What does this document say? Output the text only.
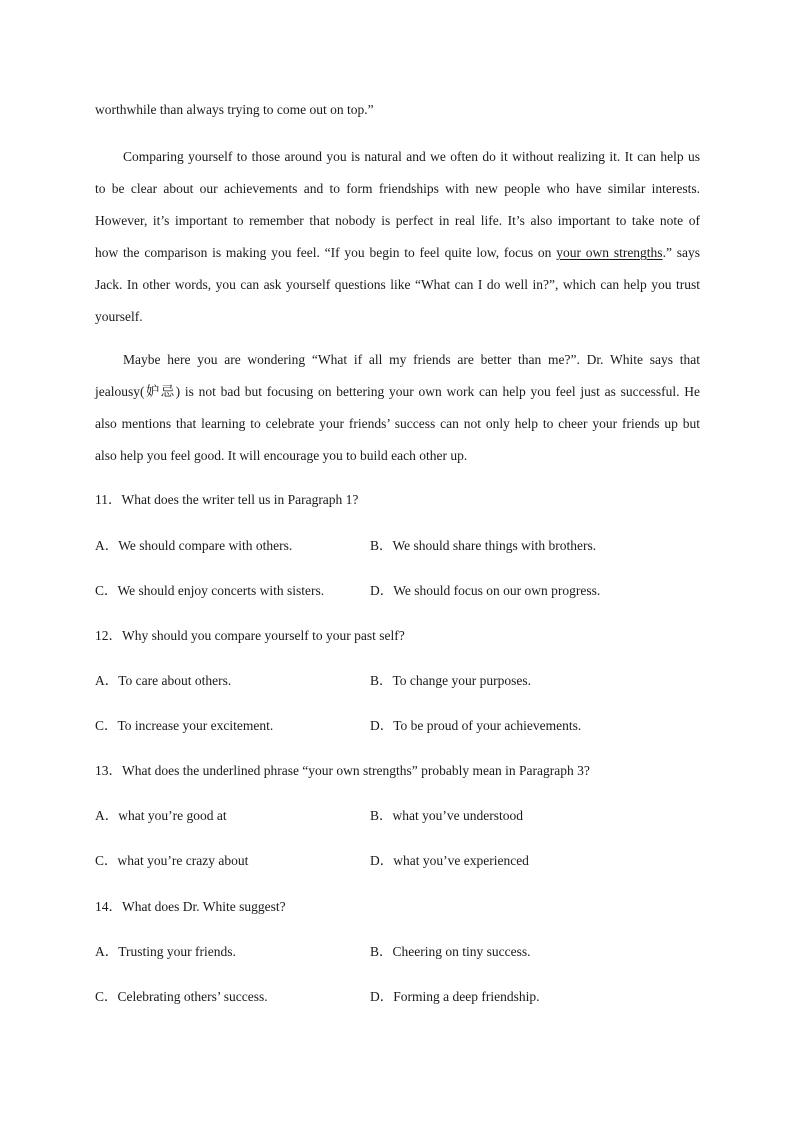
worthwhile than always trying to come out on top.”

Comparing yourself to those around you is natural and we often do it without realizing it. It can help us

to be clear about our achievements and to form friendships with new people who have similar interests.

However, it’s important to remember that nobody is perfect in real life. It’s also important to take note of

how the comparison is making you feel. “If you begin to feel quite low, focus on your own strengths.” says

Jack. In other words, you can ask yourself questions like “What can I do well in?”, which can help you trust

yourself.

Maybe here you are wondering “What if all my friends are better than me?”. Dr. White says that

jealousy(妒忌) is not bad but focusing on bettering your own work can help you feel just as successful. He

also mentions that learning to celebrate your friends’ success can not only help to cheer your friends up but

also help you feel good. It will encourage you to build each other up.

11．What does the writer tell us in Paragraph 1?
A．We should compare with others.	B．We should share things with brothers.
C．We should enjoy concerts with sisters.	D．We should focus on our own progress.
12．Why should you compare yourself to your past self?
A．To care about others.	B．To change your purposes.
C．To increase your excitement.	D．To be proud of your achievements.
13．What does the underlined phrase “your own strengths” probably mean in Paragraph 3?
A．what you’re good at	B．what you’ve understood
C．what you’re crazy about	D．what you’ve experienced
14．What does Dr. White suggest?
A．Trusting your friends.	B．Cheering on tiny success.
C．Celebrating others’ success.	D．Forming a deep friendship.
